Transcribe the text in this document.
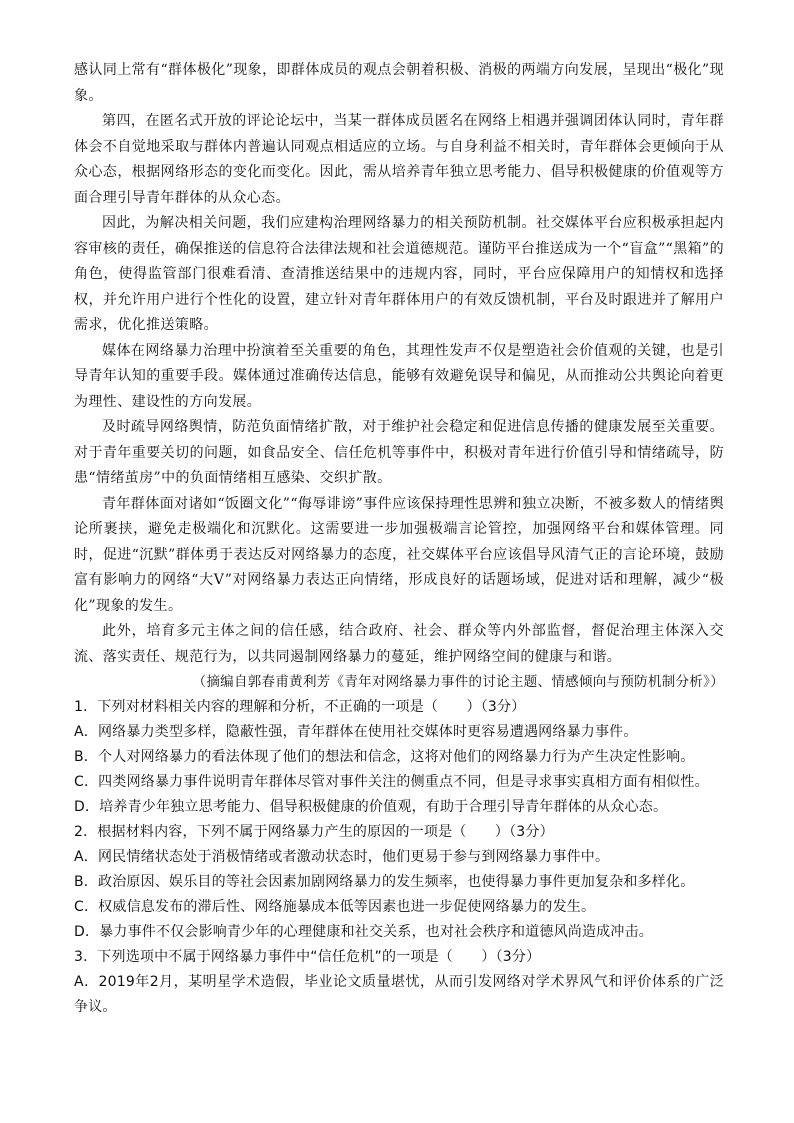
感认同上常有“群体极化”现象，即群体成员的观点会朝着积极、消极的两端方向发展，呈现出“极化”现象。

第四，在匿名式开放的评论论坛中，当某一群体成员匿名在网络上相遇并强调团体认同时，青年群体会不自觉地采取与群体内普遍认同观点相适应的立场。与自身利益不相关时，青年群体会更倾向于从众心态，根据网络形态的变化而变化。因此，需从培养青年独立思考能力、倡导积极健康的价值观等方面合理引导青年群体的从众心态。

因此，为解决相关问题，我们应建构治理网络暴力的相关预防机制。社交媒体平台应积极承担起内容审核的责任，确保推送的信息符合法律法规和社会道德规范。谨防平台推送成为一个“盲盒”“黑箱”的角色，使得监管部门很难看清、查清推送结果中的违规内容，同时，平台应保障用户的知情权和选择权，并允许用户进行个性化的设置，建立针对青年群体用户的有效反馈机制，平台及时跟进并了解用户需求，优化推送策略。

媒体在网络暴力治理中扮演着至关重要的角色，其理性发声不仅是塑造社会价值观的关键，也是引导青年认知的重要手段。媒体通过准确传达信息，能够有效避免误导和偏见，从而推动公共舆论向着更为理性、建设性的方向发展。

及时疏导网络舆情，防范负面情绪扩散，对于维护社会稳定和促进信息传播的健康发展至关重要。对于青年重要关切的问题，如食品安全、信任危机等事件中，积极对青年进行价值引导和情绪疏导，防患“情绪茧房”中的负面情绪相互感染、交织扩散。

青年群体面对诸如“饭圈文化”“侮辱诽谤”事件应该保持理性思辨和独立决断，不被多数人的情绪舆论所裹挟，避免走极端化和沉默化。这需要进一步加强极端言论管控，加强网络平台和媒体管理。同时，促进“沉默”群体勇于表达反对网络暴力的态度，社交媒体平台应该倡导风清气正的言论环境，鼓励富有影响力的网络“大V”对网络暴力表达正向情绪，形成良好的话题场域，促进对话和理解，减少“极化”现象的发生。

此外，培育多元主体之间的信任感，结合政府、社会、群众等内外部监督，督促治理主体深入交流、落实责任、规范行为，以共同遏制网络暴力的蔓延，维护网络空间的健康与和谐。

（摘编自郭春甫黄利芳《青年对网络暴力事件的讨论主题、情感倾向与预防机制分析》）

1．下列对材料相关内容的理解和分析，不正确的一项是（　　）（3分）

A．网络暴力类型多样，隐蔽性强，青年群体在使用社交媒体时更容易遭遇网络暴力事件。

B．个人对网络暴力的看法体现了他们的想法和信念，这将对他们的网络暴力行为产生决定性影响。

C．四类网络暴力事件说明青年群体尽管对事件关注的侧重点不同，但是寻求事实真相方面有相似性。

D．培养青少年独立思考能力、倡导积极健康的价值观，有助于合理引导青年群体的从众心态。

2．根据材料内容，下列不属于网络暴力产生的原因的一项是（　　）（3分）

A．网民情绪状态处于消极情绪或者激动状态时，他们更易于参与到网络暴力事件中。

B．政治原因、娱乐目的等社会因素加剧网络暴力的发生频率，也使得暴力事件更加复杂和多样化。

C．权威信息发布的滞后性、网络施暴成本低等因素也进一步促使网络暴力的发生。

D．暴力事件不仅会影响青少年的心理健康和社交关系，也对社会秩序和道德风尚造成冲击。

3．下列选项中不属于网络暴力事件中“信任危机”的一项是（　　）（3分）

A．2019年2月，某明星学术造假，毕业论文质量堪忧，从而引发网络对学术界风气和评价体系的广泛争议。
